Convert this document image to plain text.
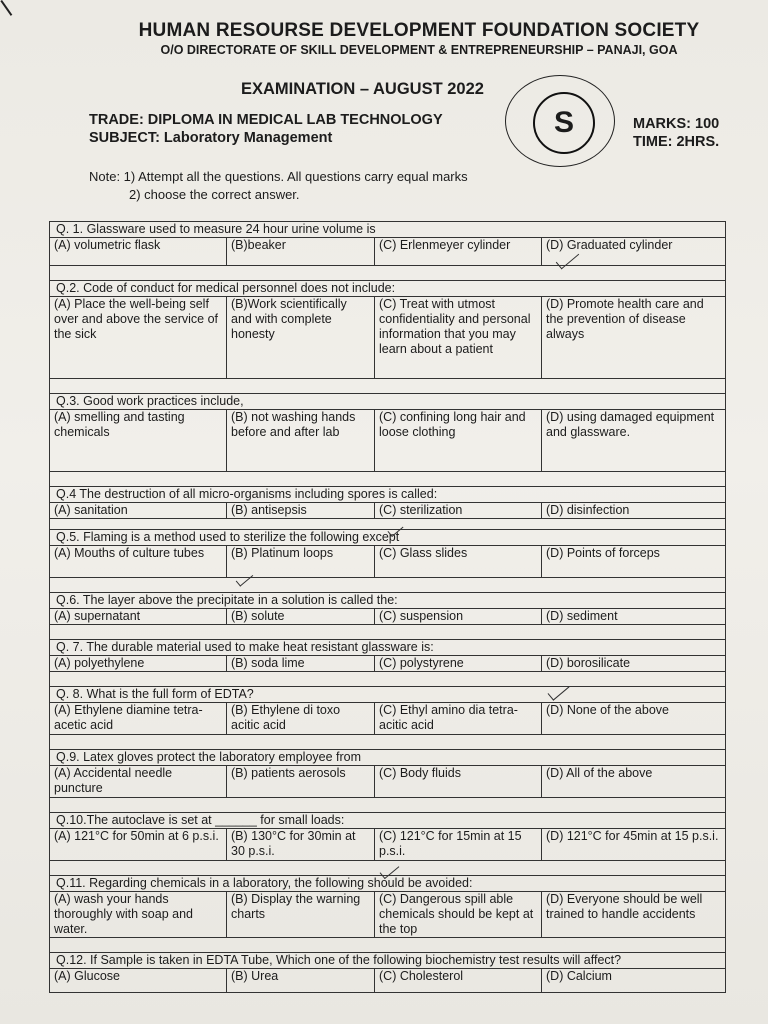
HUMAN RESOURSE DEVELOPMENT FOUNDATION SOCIETY
O/O DIRECTORATE OF SKILL DEVELOPMENT & ENTREPRENEURSHIP – PANAJI, GOA
EXAMINATION – AUGUST 2022
S
TRADE: DIPLOMA IN MEDICAL LAB TECHNOLOGY
SUBJECT: Laboratory Management
MARKS: 100
TIME: 2HRS.
Note: 1) Attempt all the questions. All questions carry equal marks
2) choose the correct answer.
Q. 1. Glassware used to measure 24 hour urine volume is			
(A) volumetric flask	(B)beaker	(C) Erlenmeyer cylinder	(D) Graduated cylinder

Q.2. Code of conduct for medical personnel does not include:			
(A) Place the well-being self over and above the service of the sick	(B)Work scientifically and with complete honesty	(C) Treat with utmost confidentiality and personal information that you may learn about a patient	(D) Promote health care and the prevention of disease always

Q.3. Good work practices include,			
(A) smelling and tasting chemicals	(B) not washing hands before and after lab	(C) confining long hair and loose clothing	(D) using damaged equipment and glassware.

Q.4 The destruction of all micro-organisms including spores is called:			
(A) sanitation	(B) antisepsis	(C) sterilization	(D) disinfection

Q.5. Flaming is a method used to sterilize the following except			
(A) Mouths of culture tubes	(B) Platinum loops	(C) Glass slides	(D) Points of forceps

Q.6. The layer above the precipitate in a solution is called the:			
(A) supernatant	(B) solute	(C) suspension	(D) sediment

Q. 7. The durable material used to make heat resistant glassware is:			
(A) polyethylene	(B) soda lime	(C) polystyrene	(D) borosilicate

Q. 8. What is the full form of EDTA?			
(A) Ethylene diamine tetra-acetic acid	(B) Ethylene di toxo acitic acid	(C) Ethyl amino dia tetra-acitic acid	(D) None of the above

Q.9. Latex gloves protect the laboratory employee from			
(A) Accidental needle puncture	(B) patients aerosols	(C) Body fluids	(D) All of the above

Q.10.The autoclave is set at ______ for small loads:			
(A) 121°C for 50min at 6 p.s.i.	(B) 130°C for 30min at 30 p.s.i.	(C) 121°C for 15min at 15 p.s.i.	(D) 121°C for 45min at 15 p.s.i.

Q.11. Regarding chemicals in a laboratory, the following should be avoided:			
(A) wash your hands thoroughly with soap and water.	(B) Display the warning charts	(C) Dangerous spill able chemicals should be kept at the top	(D) Everyone should be well trained to handle accidents

Q.12. If Sample is taken in EDTA Tube, Which one of the following biochemistry test results will affect?			
(A) Glucose	(B) Urea	(C) Cholesterol	(D) Calcium
